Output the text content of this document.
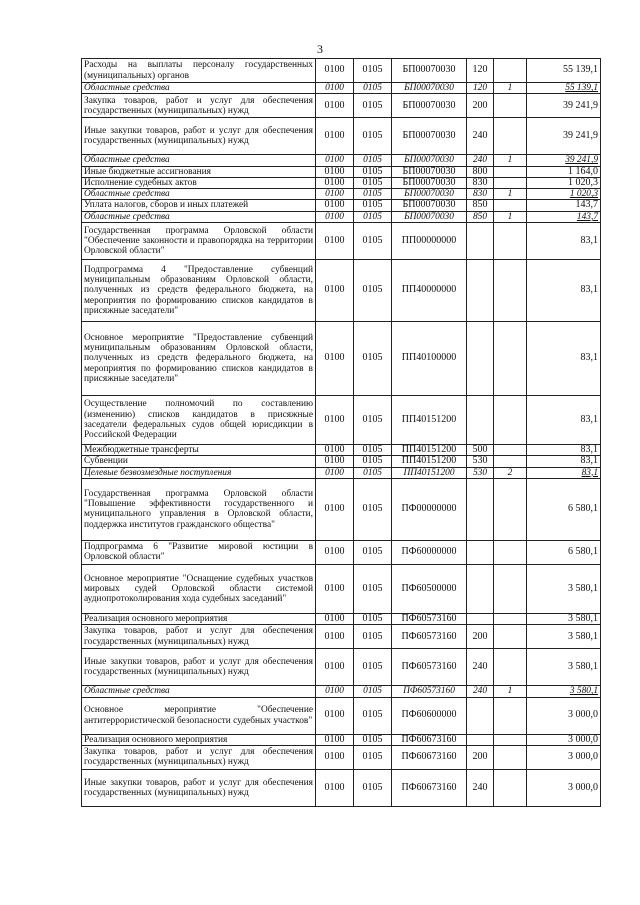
3
Расходы на выплаты персоналу государственных (муниципальных) органов	0100	0105	БП00070030	120		55 139,1
Областные средства	0100	0105	БП00070030	120	1	55 139,1
Закупка товаров, работ и услуг для обеспечения государственных (муниципальных) нужд	0100	0105	БП00070030	200		39 241,9
Иные закупки товаров, работ и услуг для обеспечения государственных (муниципальных) нужд	0100	0105	БП00070030	240		39 241,9
Областные средства	0100	0105	БП00070030	240	1	39 241,9
Иные бюджетные ассигнования	0100	0105	БП00070030	800		1 164,0
Исполнение судебных актов	0100	0105	БП00070030	830		1 020,3
Областные средства	0100	0105	БП00070030	830	1	1 020,3
Уплата налогов, сборов и иных платежей	0100	0105	БП00070030	850		143,7
Областные средства	0100	0105	БП00070030	850	1	143,7
Государственная программа Орловской области "Обеспечение законности и правопорядка на территории Орловской области"	0100	0105	ПП00000000			83,1
Подпрограмма 4 "Предоставление субвенций муниципальным образованиям Орловской области, полученных из средств федерального бюджета, на мероприятия по формированию списков кандидатов в присяжные заседатели"	0100	0105	ПП40000000			83,1
Основное мероприятие "Предоставление субвенций муниципальным образованиям Орловской области, полученных из средств федерального бюджета, на мероприятия по формированию списков кандидатов в присяжные заседатели"	0100	0105	ПП40100000			83,1
Осуществление полномочий по составлению (изменению) списков кандидатов в присяжные заседатели федеральных судов общей юрисдикции в Российской Федерации	0100	0105	ПП40151200			83,1
Межбюджетные трансферты	0100	0105	ПП40151200	500		83,1
Субвенции	0100	0105	ПП40151200	530		83,1
Целевые безвозмездные поступления	0100	0105	ПП40151200	530	2	83,1
Государственная программа Орловской области "Повышение эффективности государственного и муниципального управления в Орловской области, поддержка институтов гражданского общества"	0100	0105	ПФ00000000			6 580,1
Подпрограмма 6 "Развитие мировой юстиции в Орловской области"	0100	0105	ПФ60000000			6 580,1
Основное мероприятие "Оснащение судебных участков мировых судей Орловской области системой аудиопротоколирования хода судебных заседаний"	0100	0105	ПФ60500000			3 580,1
Реализация основного мероприятия	0100	0105	ПФ60573160			3 580,1
Закупка товаров, работ и услуг для обеспечения государственных (муниципальных) нужд	0100	0105	ПФ60573160	200		3 580,1
Иные закупки товаров, работ и услуг для обеспечения государственных (муниципальных) нужд	0100	0105	ПФ60573160	240		3 580,1
Областные средства	0100	0105	ПФ60573160	240	1	3 580,1
Основное мероприятие "Обеспечение антитеррористической безопасности судебных участков"	0100	0105	ПФ60600000			3 000,0
Реализация основного мероприятия	0100	0105	ПФ60673160			3 000,0
Закупка товаров, работ и услуг для обеспечения государственных (муниципальных) нужд	0100	0105	ПФ60673160	200		3 000,0
Иные закупки товаров, работ и услуг для обеспечения государственных (муниципальных) нужд	0100	0105	ПФ60673160	240		3 000,0
